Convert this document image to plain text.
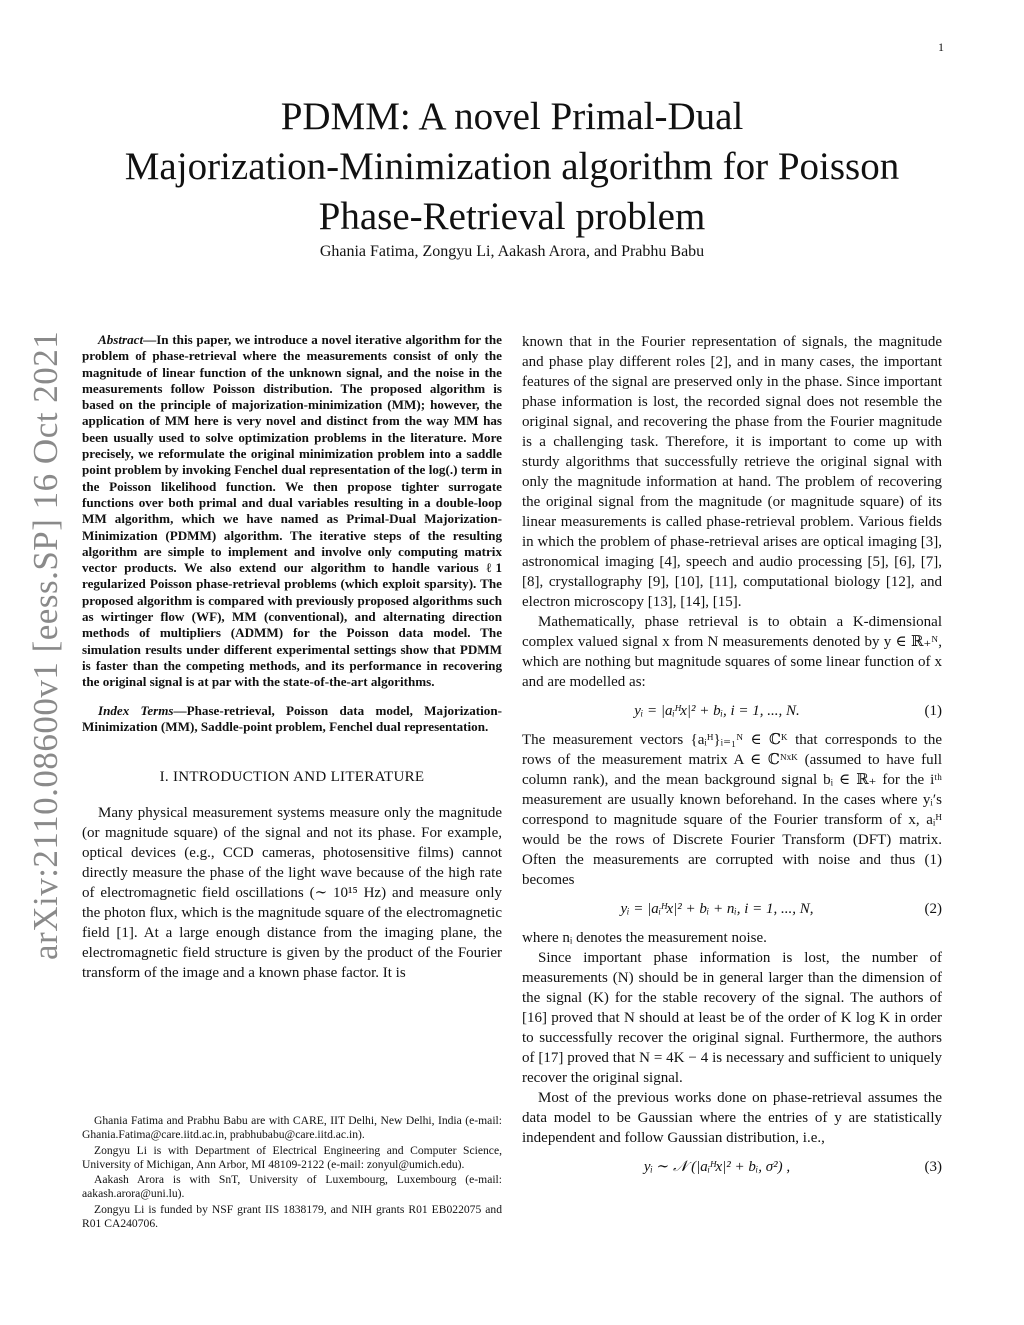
1
arXiv:2110.08600v1 [eess.SP] 16 Oct 2021
PDMM: A novel Primal-Dual
Majorization-Minimization algorithm for Poisson
Phase-Retrieval problem
Ghania Fatima, Zongyu Li, Aakash Arora, and Prabhu Babu

Abstract—In this paper, we introduce a novel iterative algorithm for the problem of phase-retrieval where the measurements consist of only the magnitude of linear function of the unknown signal, and the noise in the measurements follow Poisson distribution. The proposed algorithm is based on the principle of majorization-minimization (MM); however, the application of MM here is very novel and distinct from the way MM has been usually used to solve optimization problems in the literature. More precisely, we reformulate the original minimization problem into a saddle point problem by invoking Fenchel dual representation of the log(.) term in the Poisson likelihood function. We then propose tighter surrogate functions over both primal and dual variables resulting in a double-loop MM algorithm, which we have named as Primal-Dual Majorization-Minimization (PDMM) algorithm. The iterative steps of the resulting algorithm are simple to implement and involve only computing matrix vector products. We also extend our algorithm to handle various ℓ1 regularized Poisson phase-retrieval problems (which exploit sparsity). The proposed algorithm is compared with previously proposed algorithms such as wirtinger flow (WF), MM (conventional), and alternating direction methods of multipliers (ADMM) for the Poisson data model. The simulation results under different experimental settings show that PDMM is faster than the competing methods, and its performance in recovering the original signal is at par with the state-of-the-art algorithms.

Index Terms—Phase-retrieval, Poisson data model, Majorization-Minimization (MM), Saddle-point problem, Fenchel dual representation.

I. INTRODUCTION AND LITERATURE

Many physical measurement systems measure only the magnitude (or magnitude square) of the signal and not its phase. For example, optical devices (e.g., CCD cameras, photosensitive films) cannot directly measure the phase of the light wave because of the high rate of electromagnetic field oscillations (∼ 10¹⁵ Hz) and measure only the photon flux, which is the magnitude square of the electromagnetic field [1]. At a large enough distance from the imaging plane, the electromagnetic field structure is given by the product of the Fourier transform of the image and a known phase factor. It is

Ghania Fatima and Prabhu Babu are with CARE, IIT Delhi, New Delhi, India (e-mail: Ghania.Fatima@care.iitd.ac.in, prabhubabu@care.iitd.ac.in).

Zongyu Li is with Department of Electrical Engineering and Computer Science, University of Michigan, Ann Arbor, MI 48109-2122 (e-mail: zonyul@umich.edu).

Aakash Arora is with SnT, University of Luxembourg, Luxembourg (e-mail: aakash.arora@uni.lu).

Zongyu Li is funded by NSF grant IIS 1838179, and NIH grants R01 EB022075 and R01 CA240706.

known that in the Fourier representation of signals, the magnitude and phase play different roles [2], and in many cases, the important features of the signal are preserved only in the phase. Since important phase information is lost, the recorded signal does not resemble the original signal, and recovering the phase from the Fourier magnitude is a challenging task. Therefore, it is important to come up with sturdy algorithms that successfully retrieve the original signal with only the magnitude information at hand. The problem of recovering the original signal from the magnitude (or magnitude square) of its linear measurements is called phase-retrieval problem. Various fields in which the problem of phase-retrieval arises are optical imaging [3], astronomical imaging [4], speech and audio processing [5], [6], [7], [8], crystallography [9], [10], [11], computational biology [12], and electron microscopy [13], [14], [15].

Mathematically, phase retrieval is to obtain a K-dimensional complex valued signal x from N measurements denoted by y ∈ ℝ₊ᴺ, which are nothing but magnitude squares of some linear function of x and are modelled as:

yᵢ = |aᵢᴴx|² + bᵢ, i = 1, ..., N.	(1)

The measurement vectors {aᵢᴴ}ᵢ₌₁ᴺ ∈ ℂᴷ that corresponds to the rows of the measurement matrix A ∈ ℂᴺˣᴷ (assumed to have full column rank), and the mean background signal bᵢ ∈ ℝ₊ for the iᵗʰ measurement are usually known beforehand. In the cases where yᵢ′s correspond to magnitude square of the Fourier transform of x, aᵢᴴ would be the rows of Discrete Fourier Transform (DFT) matrix. Often the measurements are corrupted with noise and thus (1) becomes

yᵢ = |aᵢᴴx|² + bᵢ + nᵢ, i = 1, ..., N,	(2)

where nᵢ denotes the measurement noise.

Since important phase information is lost, the number of measurements (N) should be in general larger than the dimension of the signal (K) for the stable recovery of the signal. The authors of [16] proved that N should at least be of the order of K log K in order to successfully recover the original signal. Furthermore, the authors of [17] proved that N = 4K − 4 is necessary and sufficient to uniquely recover the original signal.

Most of the previous works done on phase-retrieval assumes the data model to be Gaussian where the entries of y are statistically independent and follow Gaussian distribution, i.e.,

yᵢ ∼ 𝒩 (|aᵢᴴx|² + bᵢ, σ²) ,	(3)
